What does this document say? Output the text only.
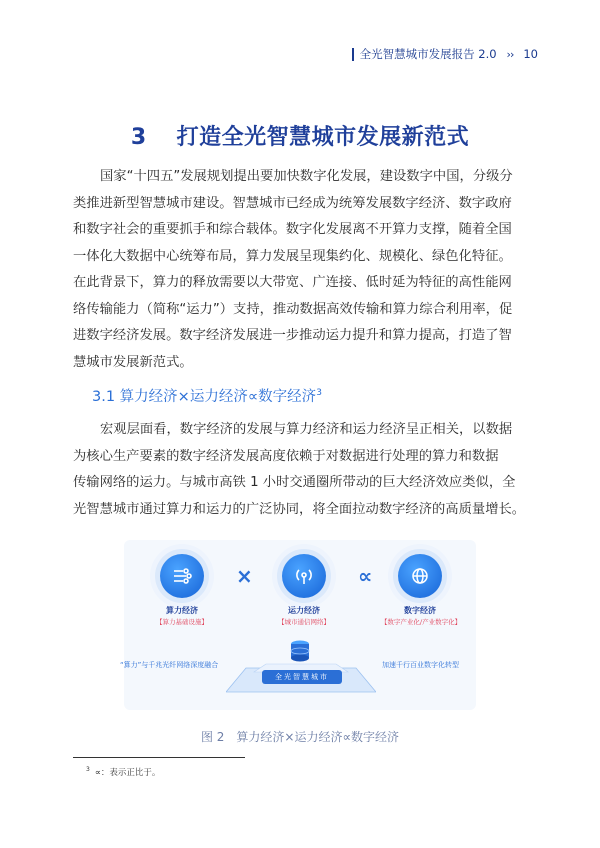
全光智慧城市发展报告 2.0 ›› 10
3 打造全光智慧城市发展新范式
国家“十四五”发展规划提出要加快数字化发展，建设数字中国，分级分
类推进新型智慧城市建设。智慧城市已经成为统筹发展数字经济、数字政府
和数字社会的重要抓手和综合载体。数字化发展离不开算力支撑，随着全国
一体化大数据中心统筹布局，算力发展呈现集约化、规模化、绿色化特征。
在此背景下，算力的释放需要以大带宽、广连接、低时延为特征的高性能网
络传输能力（简称“运力”）支持，推动数据高效传输和算力综合利用率，促
进数字经济发展。数字经济发展进一步推动运力提升和算力提高，打造了智
慧城市发展新范式。
3.1 算力经济×运力经济∝数字经济$^3$
宏观层面看，数字经济的发展与算力经济和运力经济呈正相关，以数据
为核心生产要素的数字经济发展高度依赖于对数据进行处理的算力和数据
传输网络的运力。与城市高铁 1 小时交通圈所带动的巨大经济效应类似，全
光智慧城市通过算力和运力的广泛协同，将全面拉动数字经济的高质量增长。
×	∝
算力经济
【算力基础设施】
运力经济
【城市通信网络】
数字经济
【数字产业化/产业数字化】
“算力”与千兆光纤网络深度融合	加速千行百业数字化转型
全光智慧城市
图 2 算力经济×运力经济∝数字经济
$^3$ ∝：表示正比于。
